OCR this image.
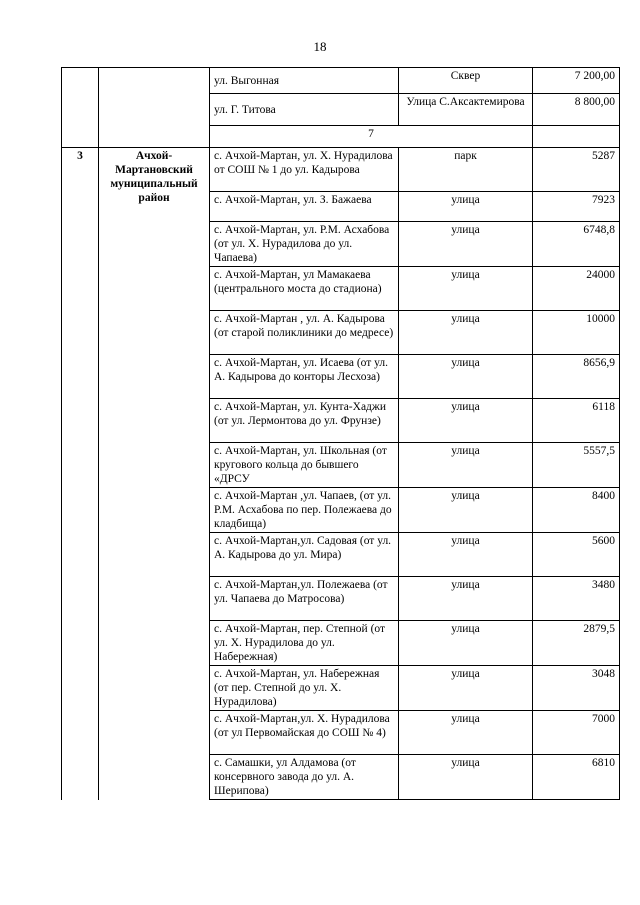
18
		ул. Выгонная	Сквер	7 200,00
		ул. Г. Титова	Улица С.Аксактемирова	8 800,00
		7		
3	Ачхой-Мартановский муниципальный район	с. Ачхой-Мартан, ул. Х. Нурадилова от СОШ № 1 до ул. Кадырова	парк	5287
		с. Ачхой-Мартан, ул. З. Бажаева	улица	7923
		с. Ачхой-Мартан, ул. Р.М. Асхабова (от ул. Х. Нурадилова до ул. Чапаева)	улица	6748,8
		с. Ачхой-Мартан, ул Мамакаева (центрального моста до стадиона)	улица	24000
		с. Ачхой-Мартан , ул. А. Кадырова (от старой поликлиники до медресе)	улица	10000
		с. Ачхой-Мартан, ул. Исаева (от ул. А. Кадырова до конторы Лесхоза)	улица	8656,9
		с. Ачхой-Мартан, ул. Кунта-Хаджи (от ул. Лермонтова до ул. Фрунзе)	улица	6118
		с. Ачхой-Мартан, ул. Школьная (от кругового кольца до бывшего «ДРСУ	улица	5557,5
		с. Ачхой-Мартан ,ул. Чапаев, (от ул. Р.М. Асхабова по пер. Полежаева до кладбища)	улица	8400
		с. Ачхой-Мартан,ул. Садовая (от ул. А. Кадырова до ул. Мира)	улица	5600
		с. Ачхой-Мартан,ул. Полежаева (от ул. Чапаева до Матросова)	улица	3480
		с. Ачхой-Мартан, пер. Степной (от ул. Х. Нурадилова до ул. Набережная)	улица	2879,5
		с. Ачхой-Мартан, ул. Набережная (от пер. Степной до ул. Х. Нурадилова)	улица	3048
		с. Ачхой-Мартан,ул. Х. Нурадилова (от ул Первомайская до СОШ № 4)	улица	7000
		с. Самашки, ул Алдамова (от консервного завода до ул. А. Шерипова)	улица	6810
